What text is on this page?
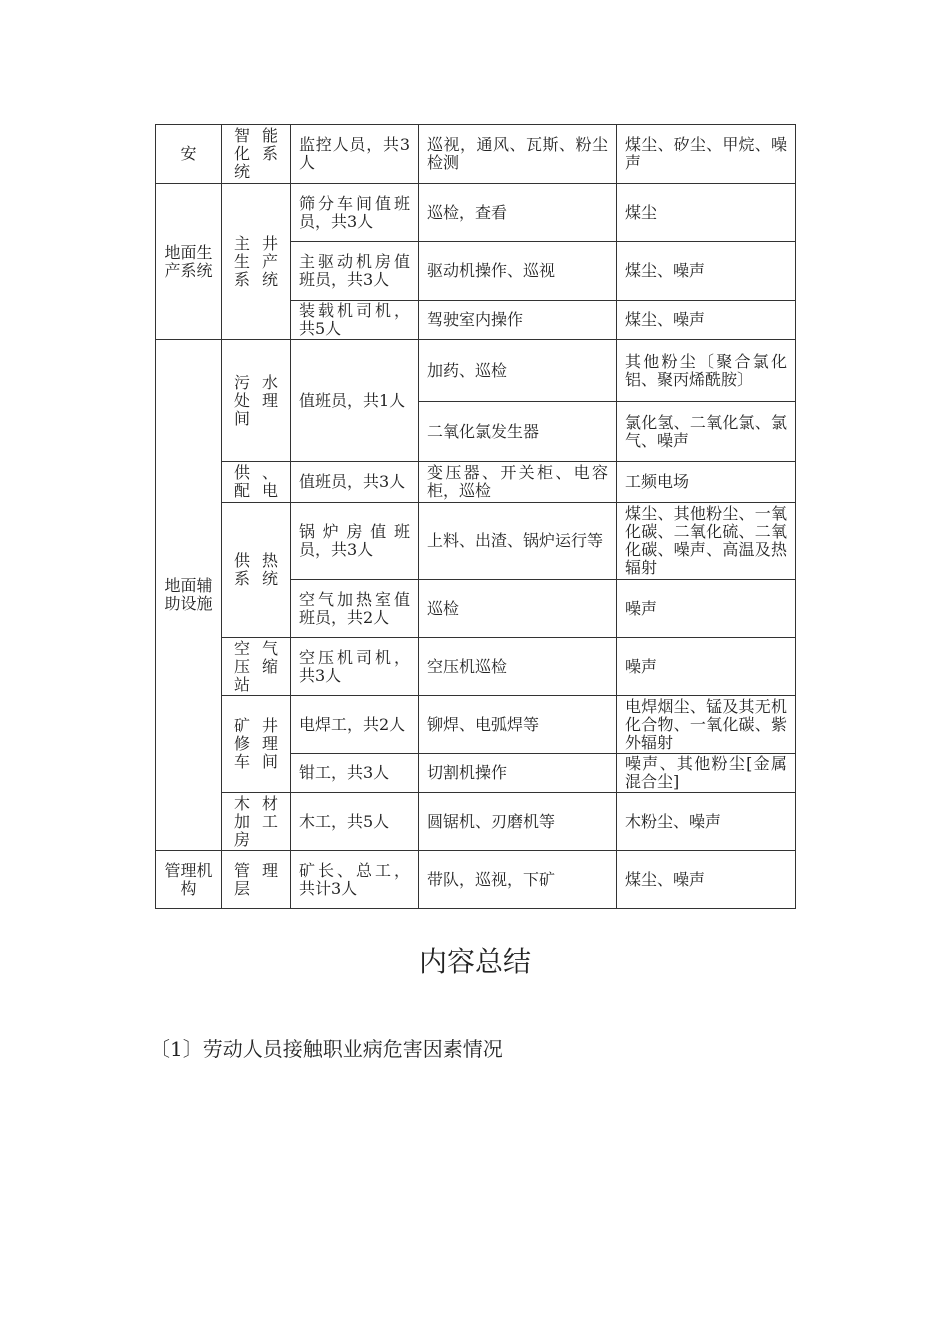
安	智能化系统	监控人员，共3人	巡视，通风、瓦斯、粉尘检测	煤尘、矽尘、甲烷、噪声
地面生产系统	主井生产系统	筛分车间值班员，共3人	巡检，查看	煤尘
		主驱动机房值班员，共3人	驱动机操作、巡视	煤尘、噪声
		装载机司机，共5人	驾驶室内操作	煤尘、噪声
地面辅助设施	污水处理间	值班员，共1人	加药、巡检	其他粉尘〔聚合氯化铝、聚丙烯酰胺〕
			二氧化氯发生器	氯化氢、二氧化氯、氯气、噪声
	供、配电	值班员，共3人	变压器、开关柜、电容柜，巡检	工频电场
	供热系统	锅炉房值班员，共3人	上料、出渣、锅炉运行等	煤尘、其他粉尘、一氧化碳、二氧化硫、二氧化碳、噪声、高温及热辐射
		空气加热室值班员，共2人	巡检	噪声
	空气压缩站	空压机司机，共3人	空压机巡检	噪声
	矿井修理车间	电焊工，共2人	铆焊、电弧焊等	电焊烟尘、锰及其无机化合物、一氧化碳、紫外辐射
		钳工，共3人	切割机操作	噪声、其他粉尘[金属混合尘]
	木材加工房	木工，共5人	圆锯机、刃磨机等	木粉尘、噪声
管理机构	管理层	矿长、总工，共计3人	带队，巡视，下矿	煤尘、噪声
内容总结
〔1〕劳动人员接触职业病危害因素情况
